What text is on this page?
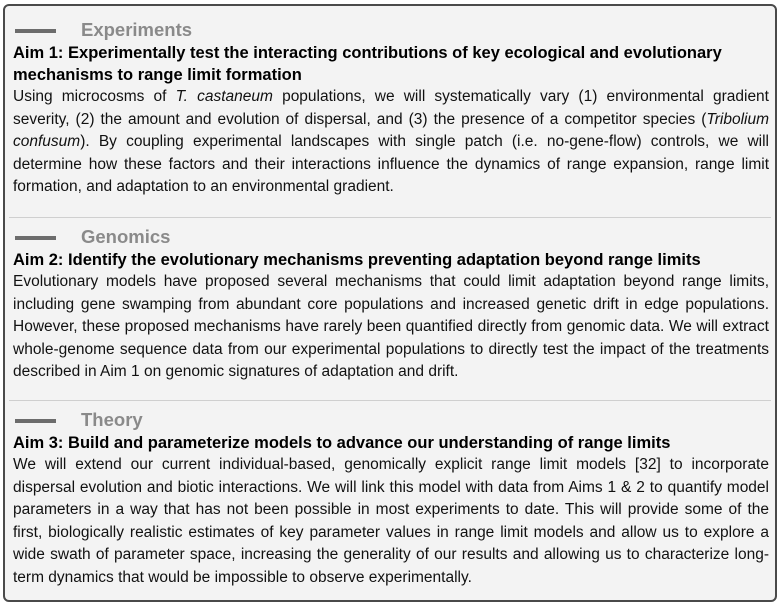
Experiments
Aim 1: Experimentally test the interacting contributions of key ecological and evolutionary mechanisms to range limit formation
Using microcosms of T. castaneum populations, we will systematically vary (1) environmental gradient severity, (2) the amount and evolution of dispersal, and (3) the presence of a competitor species (Tribolium confusum). By coupling experimental landscapes with single patch (i.e. no-gene-flow) controls, we will determine how these factors and their interactions influence the dynamics of range expansion, range limit formation, and adaptation to an environmental gradient.
Genomics
Aim 2: Identify the evolutionary mechanisms preventing adaptation beyond range limits
Evolutionary models have proposed several mechanisms that could limit adaptation beyond range limits, including gene swamping from abundant core populations and increased genetic drift in edge populations. However, these proposed mechanisms have rarely been quantified directly from genomic data. We will extract whole-genome sequence data from our experimental populations to directly test the impact of the treatments described in Aim 1 on genomic signatures of adaptation and drift.
Theory
Aim 3: Build and parameterize models to advance our understanding of range limits
We will extend our current individual-based, genomically explicit range limit models [32] to incorporate dispersal evolution and biotic interactions. We will link this model with data from Aims 1 & 2 to quantify model parameters in a way that has not been possible in most experiments to date. This will provide some of the first, biologically realistic estimates of key parameter values in range limit models and allow us to explore a wide swath of parameter space, increasing the generality of our results and allowing us to characterize long-term dynamics that would be impossible to observe experimentally.
